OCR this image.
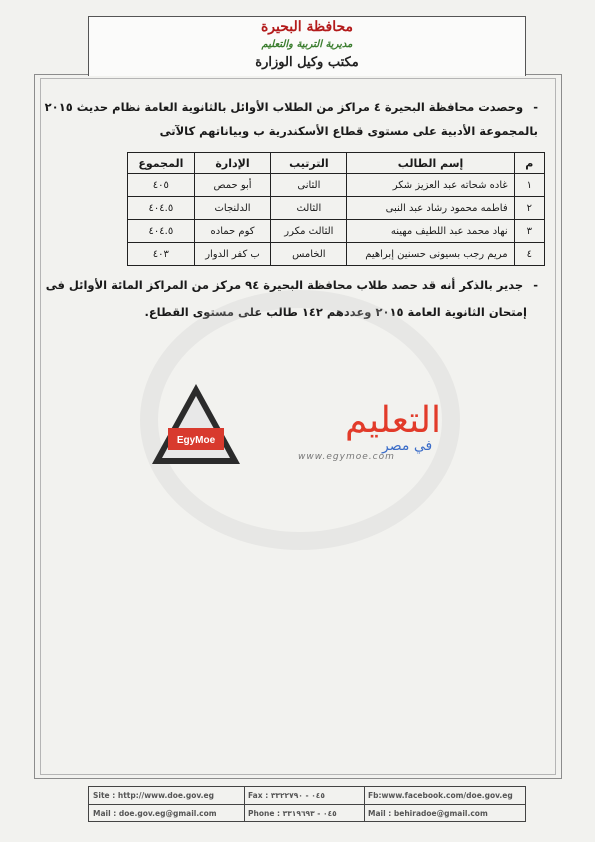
محافظة البحيرة
مديرية التربية والتعليم
مكتب وكيل الوزارة
- وحصدت محافظة البحيرة ٤ مراكز من الطلاب الأوائل بالثانوية العامة نظام حديث ٢٠١٥
بالمجموعة الأدبية على مستوى قطاع الأسكندرية ب وبياناتهم كالآتى
م	إسم الطالب	الترتيب	الإدارة	المجموع
١	غاده شحاته عبد العزيز شكر	الثانى	أبو حمص	٤٠٥
٢	فاطمه محمود رشاد عبد النبى	الثالث	الدلنجات	٤٠٤.٥
٣	نهاد محمد عبد اللطيف مهينه	الثالث مكرر	كوم حماده	٤٠٤.٥
٤	مريم رجب بسيونى حسنين إبراهيم	الخامس	ب كفر الدوار	٤٠٣
- جدير بالذكر أنه قد حصد طلاب محافظة البحيرة ٩٤ مركز من المراكز المائة الأوائل فى
إمتحان الثانوية العامة ٢٠١٥ وعددهم ١٤٢ طالب على مستوى القطاع.
EgyMoe	التعليم
في مصر
www.egymoe.com
Site : http://www.doe.gov.eg	Fax : ٠٤٥ - ٣٣٢٢٧٩٠	Fb:www.facebook.com/doe.gov.eg
Mail : doe.gov.eg@gmail.com	Phone : ٠٤٥ - ٣٣١٩٦٩٣	Mail : behiradoe@gmail.com
